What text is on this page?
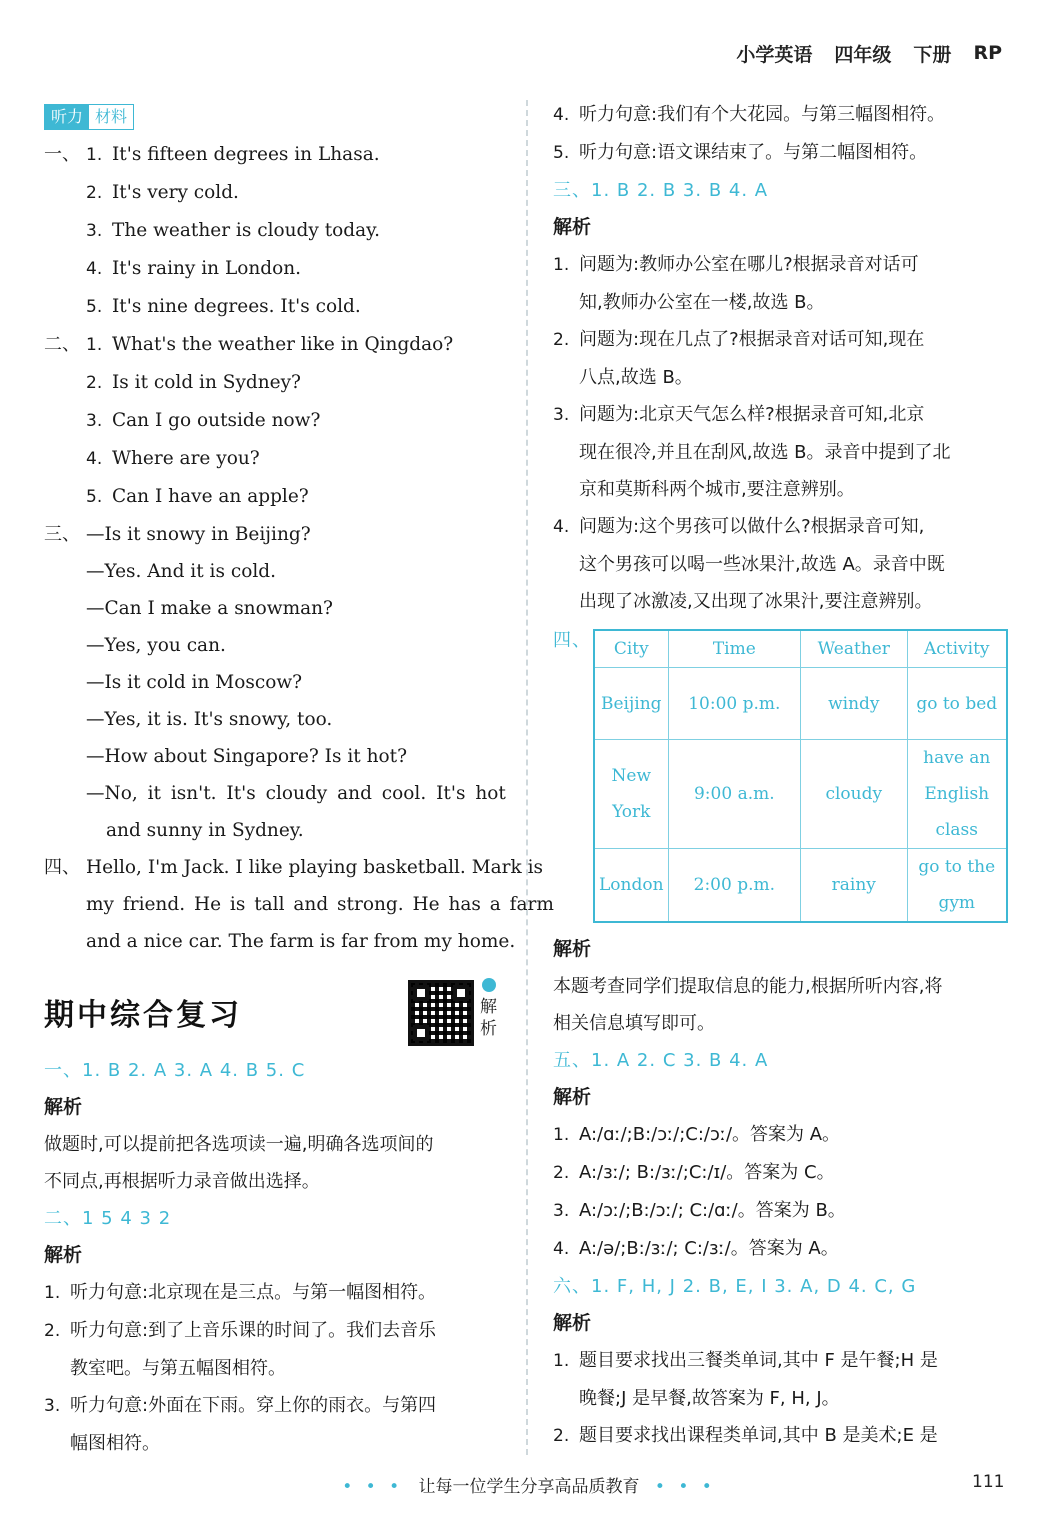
小学英语 四年级 下册 RP
听力 材料
一、 1. It's fifteen degrees in Lhasa.
2. It's very cold.
3. The weather is cloudy today.
4. It's rainy in London.
5. It's nine degrees. It's cold.
二、 1. What's the weather like in Qingdao?
2. Is it cold in Sydney?
3. Can I go outside now?
4. Where are you?
5. Can I have an apple?
三、 —Is it snowy in Beijing?
—Yes. And it is cold.
—Can I make a snowman?
—Yes, you can.
—Is it cold in Moscow?
—Yes, it is. It's snowy, too.
—How about Singapore? Is it hot?
—No, it isn't. It's cloudy and cool. It's hot
and sunny in Sydney.
四、 Hello, I'm Jack. I like playing basketball. Mark is
my friend. He is tall and strong. He has a farm
and a nice car. The farm is far from my home.
期中综合复习	解析
一、1. B 2. A 3. A 4. B 5. C
解析
做题时,可以提前把各选项读一遍,明确各选项间的
不同点,再根据听力录音做出选择。
二、1 5 4 3 2
解析
1. 听力句意:北京现在是三点。与第一幅图相符。
2. 听力句意:到了上音乐课的时间了。我们去音乐
教室吧。与第五幅图相符。
3. 听力句意:外面在下雨。穿上你的雨衣。与第四
幅图相符。
4. 听力句意:我们有个大花园。与第三幅图相符。
5. 听力句意:语文课结束了。与第二幅图相符。
三、1. B 2. B 3. B 4. A
解析
1. 问题为:教师办公室在哪儿?根据录音对话可
知,教师办公室在一楼,故选 B。
2. 问题为:现在几点了?根据录音对话可知,现在
八点,故选 B。
3. 问题为:北京天气怎么样?根据录音可知,北京
现在很冷,并且在刮风,故选 B。录音中提到了北
京和莫斯科两个城市,要注意辨别。
4. 问题为:这个男孩可以做什么?根据录音可知,
这个男孩可以喝一些冰果汁,故选 A。录音中既
出现了冰激凌,又出现了冰果汁,要注意辨别。
四、	City	Time	Weather	Activity
Beijing	10:00 p.m.	windy	go to bed
New York	9:00 a.m.	cloudy	have an English class
London	2:00 p.m.	rainy	go to the gym
解析
本题考查同学们提取信息的能力,根据所听内容,将
相关信息填写即可。
五、1. A 2. C 3. B 4. A
解析
1. A:/ɑː/;B:/ɔː/;C:/ɔː/。答案为 A。
2. A:/ɜː/; B:/ɜː/;C:/ɪ/。答案为 C。
3. A:/ɔː/;B:/ɔː/; C:/ɑː/。答案为 B。
4. A:/ə/;B:/ɜː/; C:/ɜː/。答案为 A。
六、1. F, H, J 2. B, E, I 3. A, D 4. C, G
解析
1. 题目要求找出三餐类单词,其中 F 是午餐;H 是
晚餐;J 是早餐,故答案为 F, H, J。
2. 题目要求找出课程类单词,其中 B 是美术;E 是
• • • 让每一位学生分享高品质教育 • • •	111
